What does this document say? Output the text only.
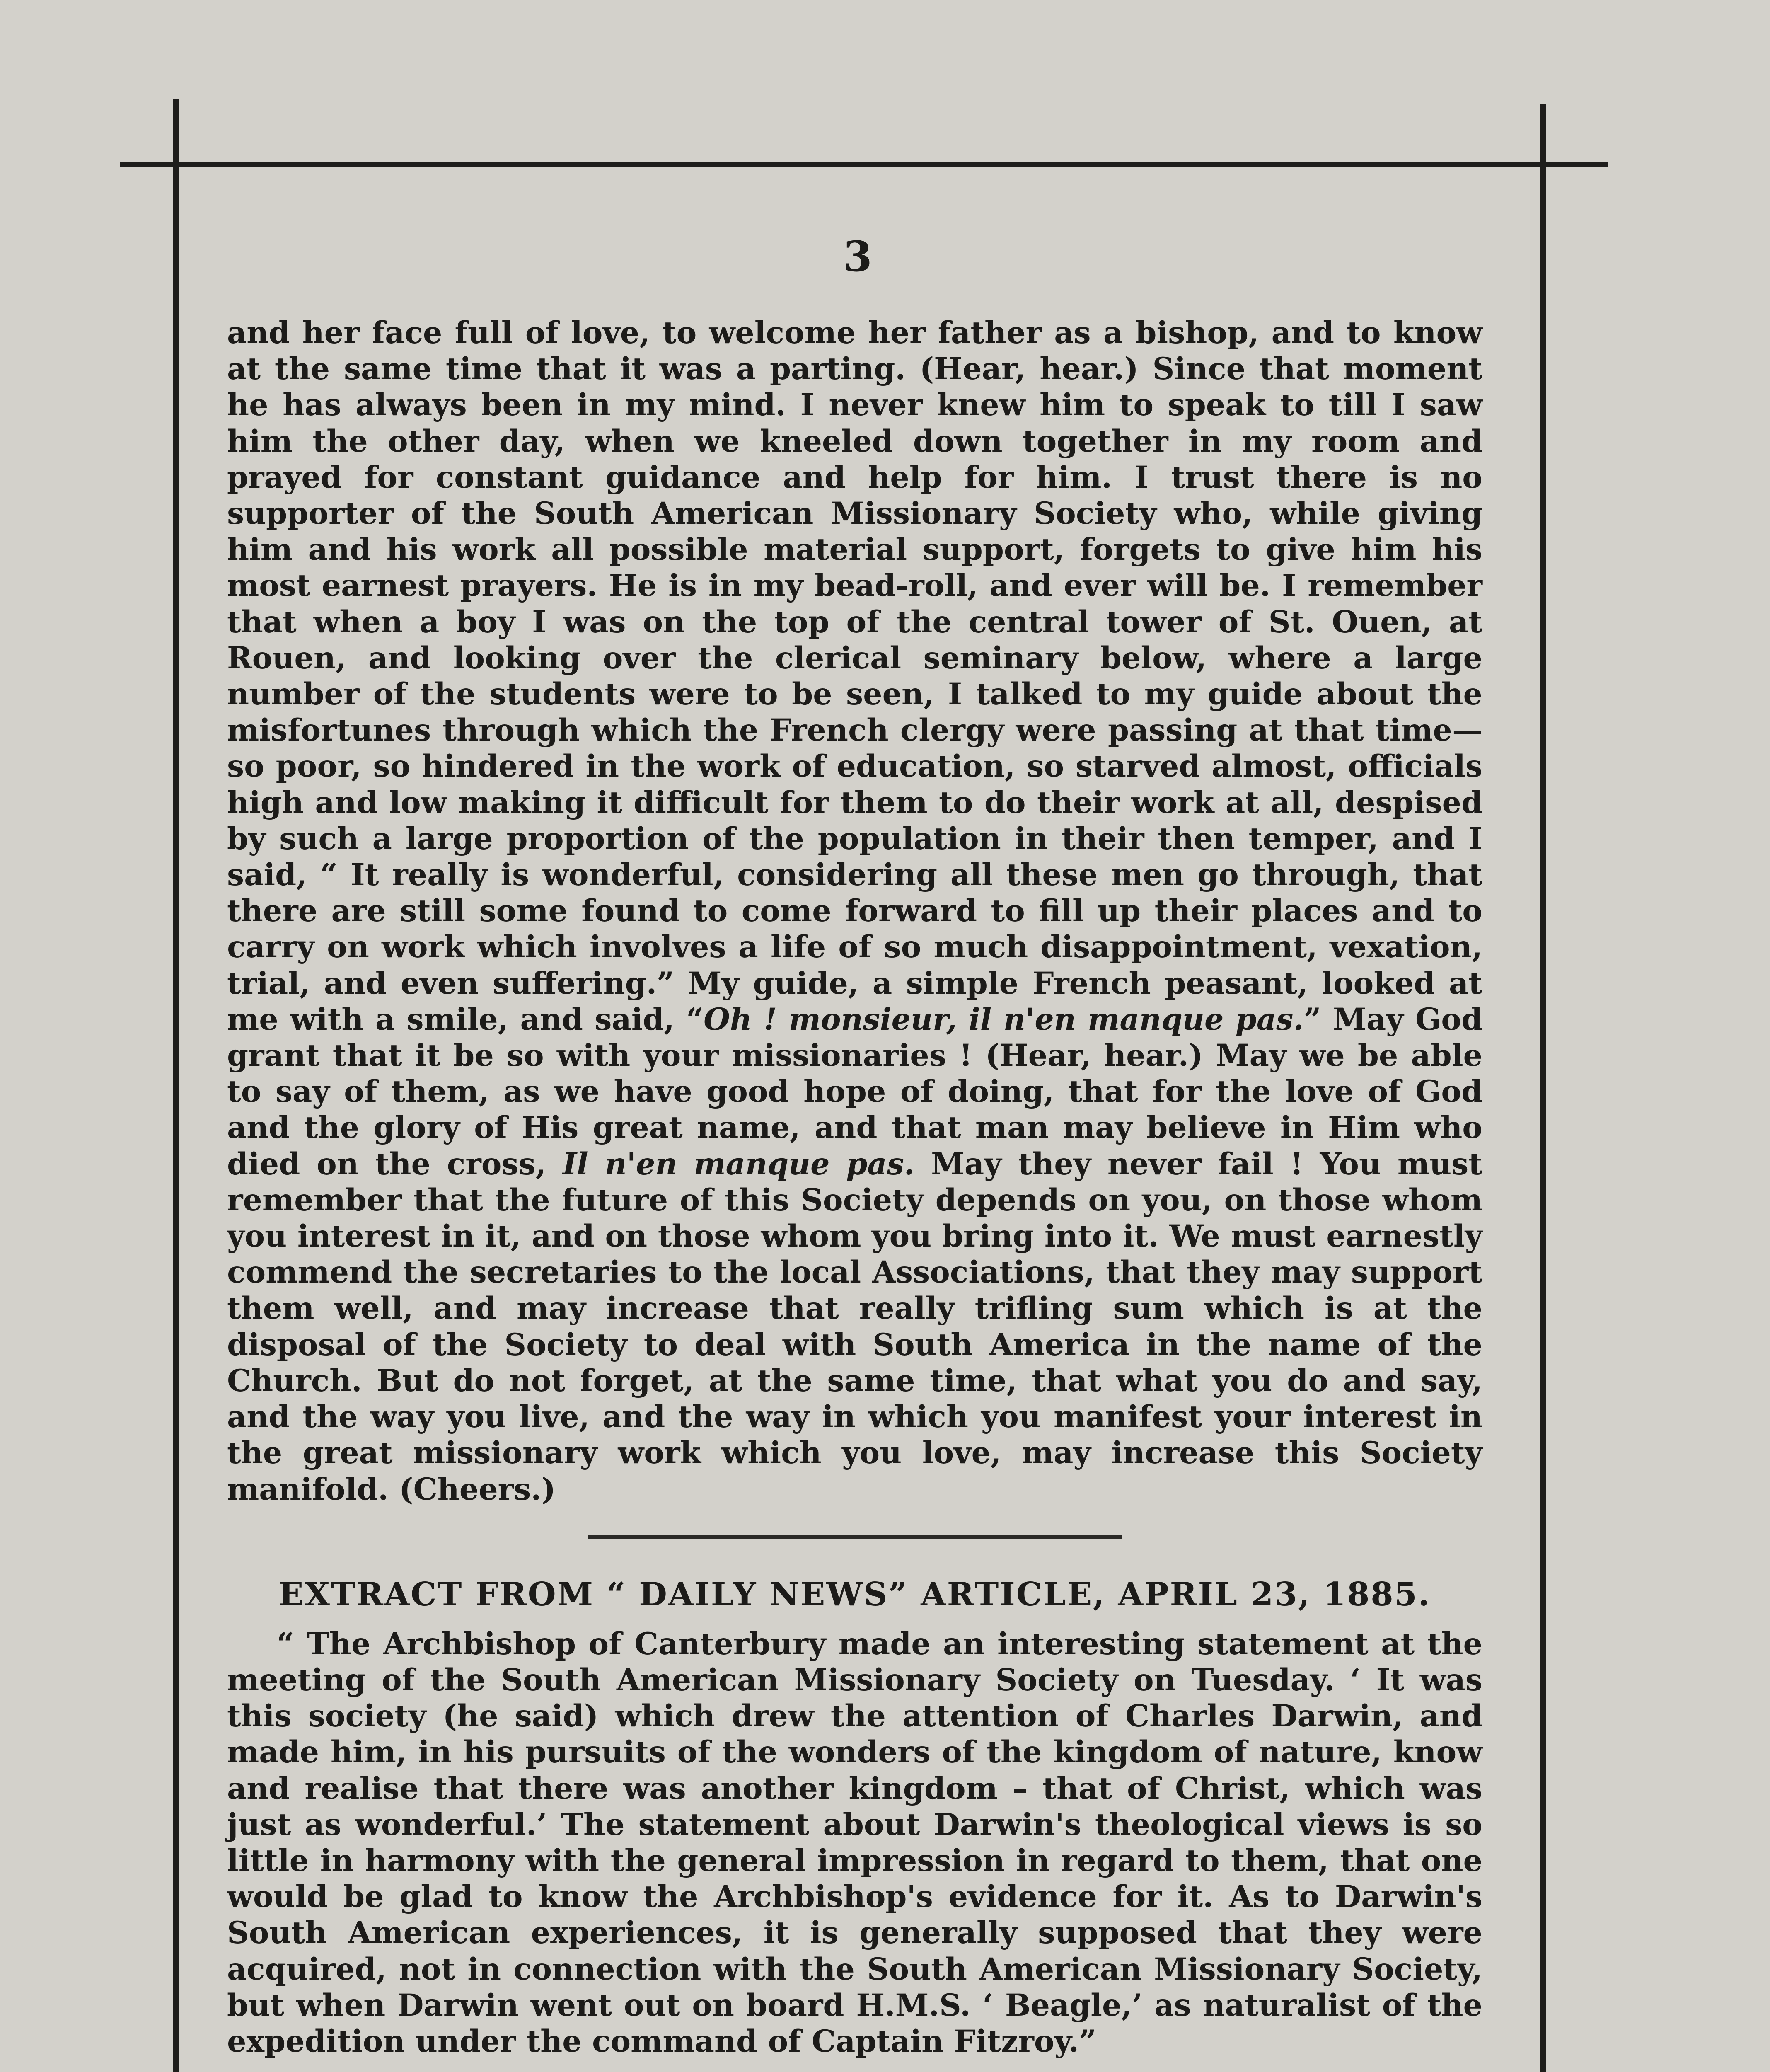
3

and her face full of love, to welcome her father as a bishop, and to know at the same time that it was a parting. (Hear, hear.) Since that moment he has always been in my mind. I never knew him to speak to till I saw him the other day, when we kneeled down together in my room and prayed for constant guidance and help for him. I trust there is no supporter of the South American Missionary Society who, while giving him and his work all possible material support, forgets to give him his most earnest prayers. He is in my bead-roll, and ever will be. I remember that when a boy I was on the top of the central tower of St. Ouen, at Rouen, and looking over the clerical seminary below, where a large number of the students were to be seen, I talked to my guide about the misfortunes through which the French clergy were passing at that time—so poor, so hindered in the work of education, so starved almost, officials high and low making it difficult for them to do their work at all, despised by such a large proportion of the population in their then temper, and I said, “ It really is wonderful, considering all these men go through, that there are still some found to come forward to fill up their places and to carry on work which involves a life of so much disappointment, vexation, trial, and even suffering.” My guide, a simple French peasant, looked at me with a smile, and said, “Oh ! monsieur, il n'en manque pas.” May God grant that it be so with your missionaries ! (Hear, hear.) May we be able to say of them, as we have good hope of doing, that for the love of God and the glory of His great name, and that man may believe in Him who died on the cross, Il n'en manque pas. May they never fail ! You must remember that the future of this Society depends on you, on those whom you interest in it, and on those whom you bring into it. We must earnestly commend the secretaries to the local Associations, that they may support them well, and may increase that really trifling sum which is at the disposal of the Society to deal with South America in the name of the Church. But do not forget, at the same time, that what you do and say, and the way you live, and the way in which you manifest your interest in the great missionary work which you love, may increase this Society manifold. (Cheers.)

EXTRACT FROM “ DAILY NEWS” ARTICLE, APRIL 23, 1885.

“ The Archbishop of Canterbury made an interesting statement at the meeting of the South American Missionary Society on Tuesday. ‘ It was this society (he said) which drew the attention of Charles Darwin, and made him, in his pursuits of the wonders of the kingdom of nature, know and realise that there was another kingdom – that of Christ, which was just as wonderful.’ The statement about Darwin's theological views is so little in harmony with the general impression in regard to them, that one would be glad to know the Archbishop's evidence for it. As to Darwin's South American experiences, it is generally supposed that they were acquired, not in connection with the South American Missionary Society, but when Darwin went out on board H.M.S. ‘ Beagle,’ as naturalist of the expedition under the command of Captain Fitzroy.”
